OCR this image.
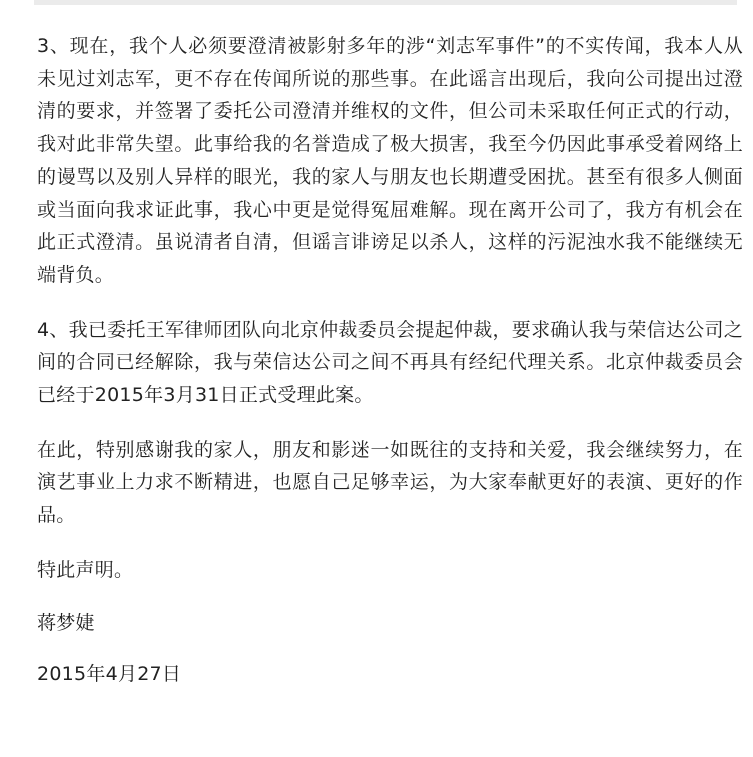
3、现在，我个人必须要澄清被影射多年的涉“刘志军事件”的不实传闻，我本人从未见过刘志军，更不存在传闻所说的那些事。在此谣言出现后，我向公司提出过澄清的要求，并签署了委托公司澄清并维权的文件，但公司未采取任何正式的行动，我对此非常失望。此事给我的名誉造成了极大损害，我至今仍因此事承受着网络上的谩骂以及别人异样的眼光，我的家人与朋友也长期遭受困扰。甚至有很多人侧面或当面向我求证此事，我心中更是觉得冤屈难解。现在离开公司了，我方有机会在此正式澄清。虽说清者自清，但谣言诽谤足以杀人，这样的污泥浊水我不能继续无端背负。

4、我已委托王军律师团队向北京仲裁委员会提起仲裁，要求确认我与荣信达公司之间的合同已经解除，我与荣信达公司之间不再具有经纪代理关系。北京仲裁委员会已经于2015年3月31日正式受理此案。

在此，特别感谢我的家人，朋友和影迷一如既往的支持和关爱，我会继续努力，在演艺事业上力求不断精进，也愿自己足够幸运，为大家奉献更好的表演、更好的作品。

特此声明。

蒋梦婕

2015年4月27日
